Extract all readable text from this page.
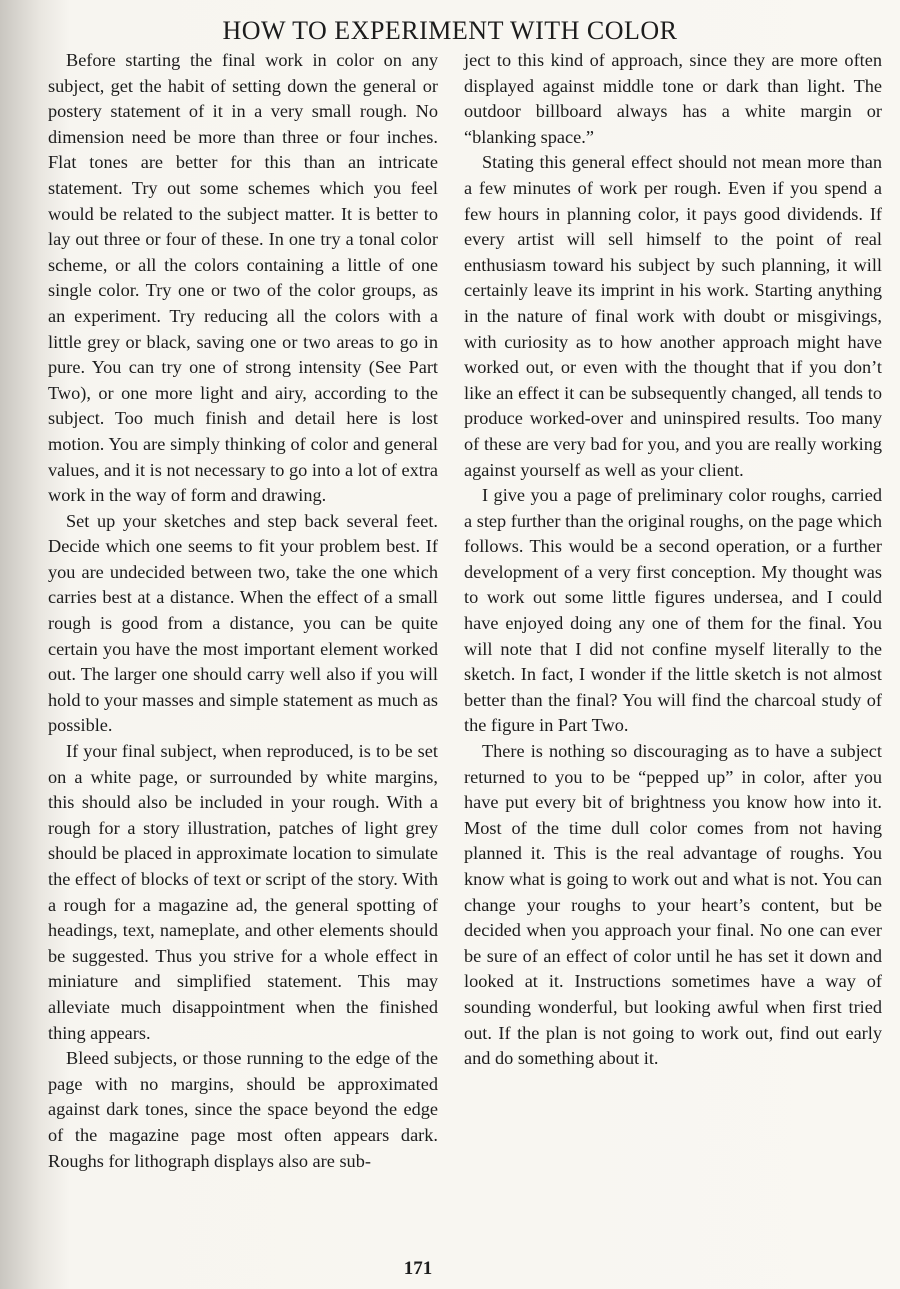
HOW TO EXPERIMENT WITH COLOR

Before starting the final work in color on any subject, get the habit of setting down the general or postery statement of it in a very small rough. No dimension need be more than three or four inches. Flat tones are better for this than an intricate statement. Try out some schemes which you feel would be related to the subject matter. It is better to lay out three or four of these. In one try a tonal color scheme, or all the colors containing a little of one single color. Try one or two of the color groups, as an experiment. Try reducing all the colors with a little grey or black, saving one or two areas to go in pure. You can try one of strong intensity (See Part Two), or one more light and airy, according to the subject. Too much finish and detail here is lost motion. You are simply thinking of color and general values, and it is not necessary to go into a lot of extra work in the way of form and drawing.

Set up your sketches and step back several feet. Decide which one seems to fit your problem best. If you are undecided between two, take the one which carries best at a distance. When the effect of a small rough is good from a distance, you can be quite certain you have the most important element worked out. The larger one should carry well also if you will hold to your masses and simple statement as much as possible.

If your final subject, when reproduced, is to be set on a white page, or surrounded by white margins, this should also be included in your rough. With a rough for a story illustration, patches of light grey should be placed in approximate location to simulate the effect of blocks of text or script of the story. With a rough for a magazine ad, the general spotting of headings, text, nameplate, and other elements should be suggested. Thus you strive for a whole effect in miniature and simplified statement. This may alleviate much disappointment when the finished thing appears.

Bleed subjects, or those running to the edge of the page with no margins, should be approximated against dark tones, since the space beyond the edge of the magazine page most often appears dark. Roughs for lithograph displays also are sub-

ject to this kind of approach, since they are more often displayed against middle tone or dark than light. The outdoor billboard always has a white margin or “blanking space.”

Stating this general effect should not mean more than a few minutes of work per rough. Even if you spend a few hours in planning color, it pays good dividends. If every artist will sell himself to the point of real enthusiasm toward his subject by such planning, it will certainly leave its imprint in his work. Starting anything in the nature of final work with doubt or misgivings, with curiosity as to how another approach might have worked out, or even with the thought that if you don’t like an effect it can be subsequently changed, all tends to produce worked-over and uninspired results. Too many of these are very bad for you, and you are really working against yourself as well as your client.

I give you a page of preliminary color roughs, carried a step further than the original roughs, on the page which follows. This would be a second operation, or a further development of a very first conception. My thought was to work out some little figures undersea, and I could have enjoyed doing any one of them for the final. You will note that I did not confine myself literally to the sketch. In fact, I wonder if the little sketch is not almost better than the final? You will find the charcoal study of the figure in Part Two.

There is nothing so discouraging as to have a subject returned to you to be “pepped up” in color, after you have put every bit of brightness you know how into it. Most of the time dull color comes from not having planned it. This is the real advantage of roughs. You know what is going to work out and what is not. You can change your roughs to your heart’s content, but be decided when you approach your final. No one can ever be sure of an effect of color until he has set it down and looked at it. Instructions sometimes have a way of sounding wonderful, but looking awful when first tried out. If the plan is not going to work out, find out early and do something about it.

171
